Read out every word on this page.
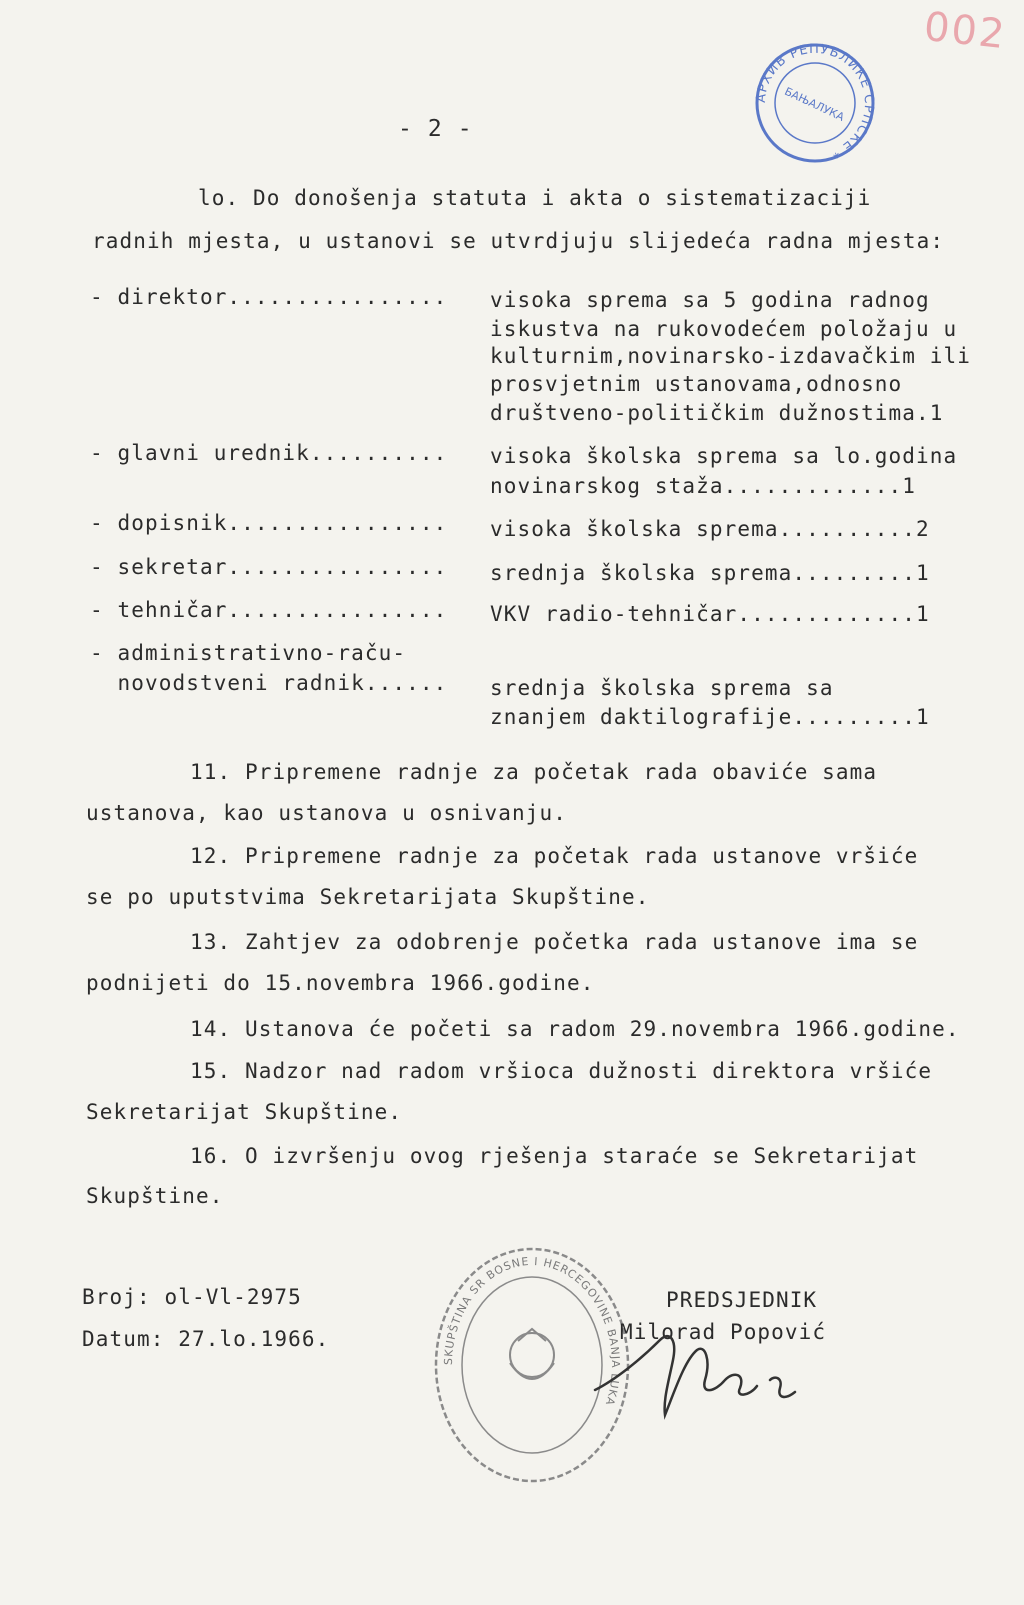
002
АРХИВ РЕПУБЛИКЕ СРПСКЕ *
БАЊАЛУКА
- 2 -
lo. Do donošenja statuta i akta o sistematizaciji
radnih mjesta, u ustanovi se utvrdjuju slijedeća radna mjesta:
- direktor................ visoka sprema sa 5 godina radnog
iskustva na rukovodećem položaju u
kulturnim,novinarsko-izdavačkim ili
prosvjetnim ustanovama,odnosno
društveno-političkim dužnostima.1
- glavni urednik.......... visoka školska sprema sa lo.godina
novinarskog staža.............1
- dopisnik................ visoka školska sprema..........2
- sekretar................ srednja školska sprema.........1
- tehničar................ VKV radio-tehničar.............1
- administrativno-raču-
novodstveni radnik...... srednja školska sprema sa
znanjem daktilografije.........1
11. Pripremene radnje za početak rada obaviće sama
ustanova, kao ustanova u osnivanju.
12. Pripremene radnje za početak rada ustanove vršiće
se po uputstvima Sekretarijata Skupštine.
13. Zahtjev za odobrenje početka rada ustanove ima se
podnijeti do 15.novembra 1966.godine.
14. Ustanova će početi sa radom 29.novembra 1966.godine.
15. Nadzor nad radom vršioca dužnosti direktora vršiće
Sekretarijat Skupštine.
16. O izvršenju ovog rješenja staraće se Sekretarijat
Skupštine.
Broj: ol-Vl-2975
Datum: 27.lo.1966.
SKUPŠTINA SR BOSNE I HERCEGOVINE BANJA LUKA
PREDSJEDNIK
Milorad Popović
